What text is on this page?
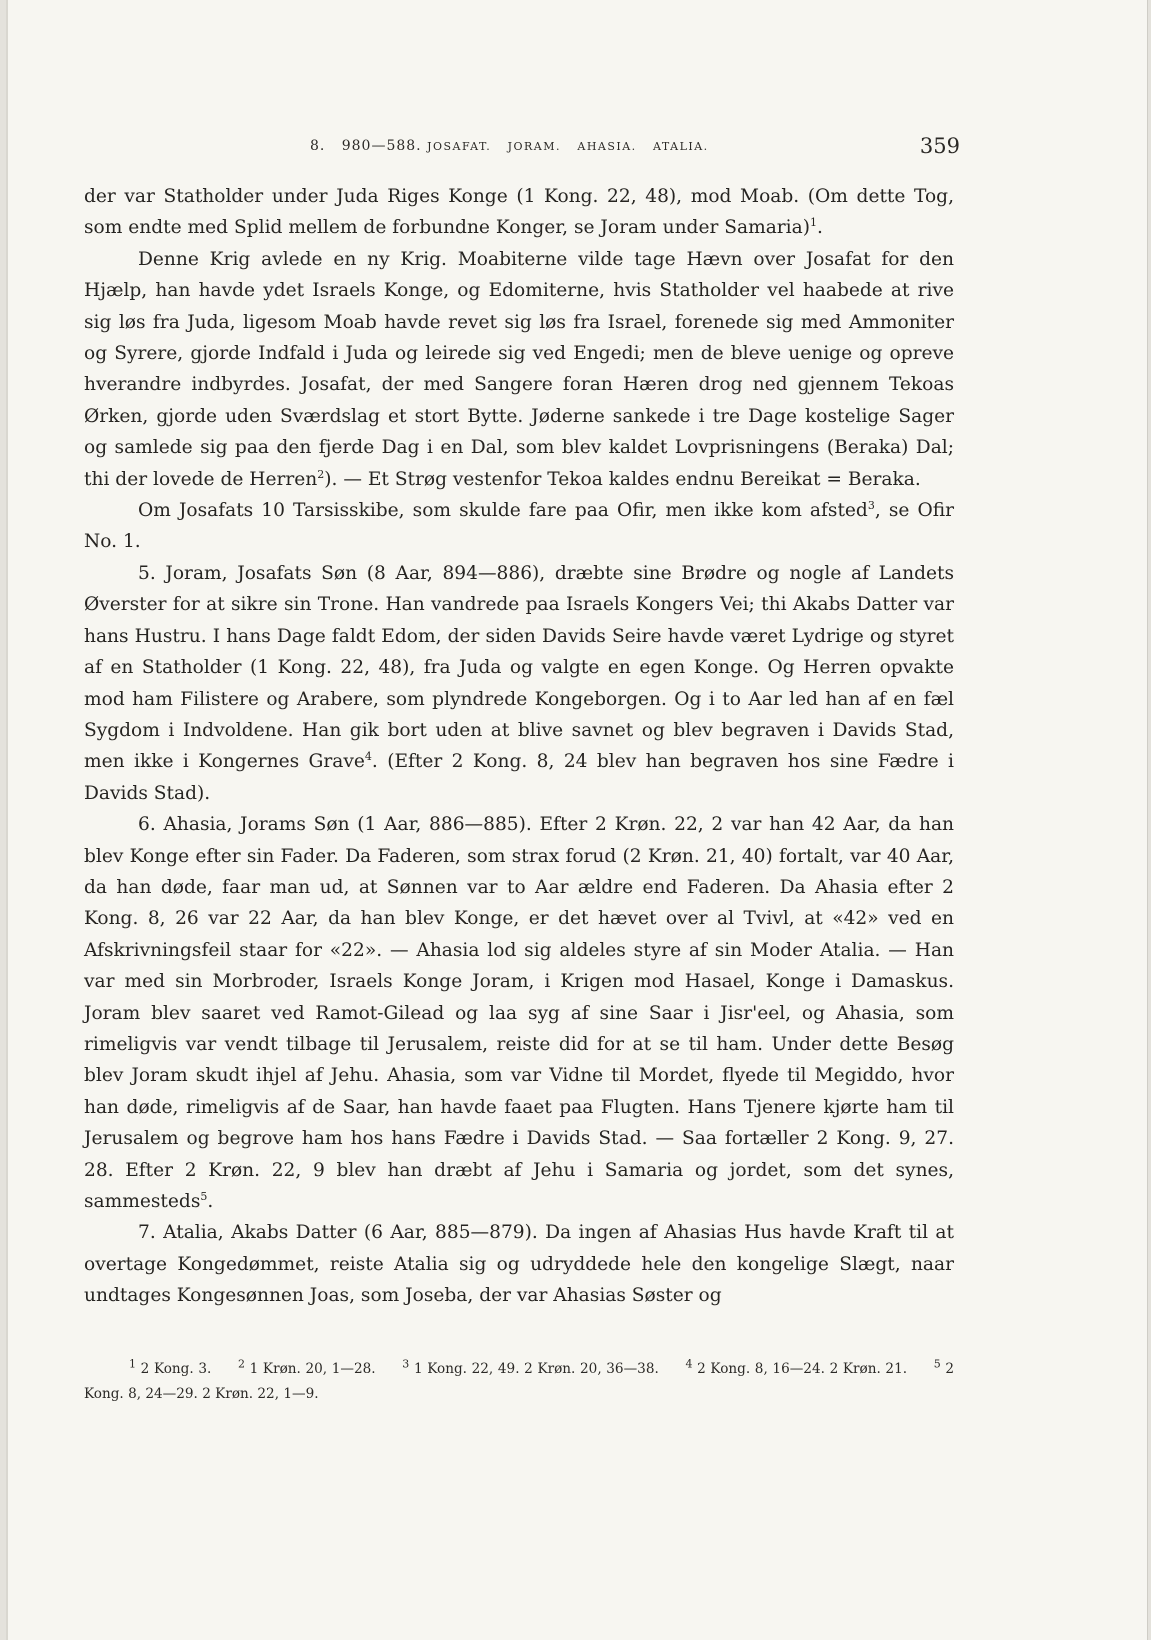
8. 980—588. JOSAFAT. JORAM. AHASIA. ATALIA.	359

der var Statholder under Juda Riges Konge (1 Kong. 22, 48), mod Moab. (Om dette Tog, som endte med Splid mellem de forbundne Konger, se Joram under Samaria)$^1$.

Denne Krig avlede en ny Krig. Moabiterne vilde tage Hævn over Josafat for den Hjælp, han havde ydet Israels Konge, og Edomiterne, hvis Statholder vel haabede at rive sig løs fra Juda, ligesom Moab havde revet sig løs fra Israel, forenede sig med Ammoniter og Syrere, gjorde Indfald i Juda og leirede sig ved Engedi; men de bleve uenige og opreve hverandre indbyrdes. Josafat, der med Sangere foran Hæren drog ned gjennem Tekoas Ørken, gjorde uden Sværdslag et stort Bytte. Jøderne sankede i tre Dage kostelige Sager og samlede sig paa den fjerde Dag i en Dal, som blev kaldet Lovprisningens (Beraka) Dal; thi der lovede de Herren$^2$). — Et Strøg vestenfor Tekoa kaldes endnu Bereikat = Beraka.

Om Josafats 10 Tarsisskibe, som skulde fare paa Ofir, men ikke kom afsted$^3$, se Ofir No. 1.

5. Joram, Josafats Søn (8 Aar, 894—886), dræbte sine Brødre og nogle af Landets Øverster for at sikre sin Trone. Han vandrede paa Israels Kongers Vei; thi Akabs Datter var hans Hustru. I hans Dage faldt Edom, der siden Davids Seire havde været Lydrige og styret af en Statholder (1 Kong. 22, 48), fra Juda og valgte en egen Konge. Og Herren opvakte mod ham Filistere og Arabere, som plyndrede Kongeborgen. Og i to Aar led han af en fæl Sygdom i Indvoldene. Han gik bort uden at blive savnet og blev begraven i Davids Stad, men ikke i Kongernes Grave$^4$. (Efter 2 Kong. 8, 24 blev han begraven hos sine Fædre i Davids Stad).

6. Ahasia, Jorams Søn (1 Aar, 886—885). Efter 2 Krøn. 22, 2 var han 42 Aar, da han blev Konge efter sin Fader. Da Faderen, som strax forud (2 Krøn. 21, 40) fortalt, var 40 Aar, da han døde, faar man ud, at Sønnen var to Aar ældre end Faderen. Da Ahasia efter 2 Kong. 8, 26 var 22 Aar, da han blev Konge, er det hævet over al Tvivl, at «42» ved en Afskrivningsfeil staar for «22». — Ahasia lod sig aldeles styre af sin Moder Atalia. — Han var med sin Morbroder, Israels Konge Joram, i Krigen mod Hasael, Konge i Damaskus. Joram blev saaret ved Ramot-Gilead og laa syg af sine Saar i Jisr'eel, og Ahasia, som rimeligvis var vendt tilbage til Jerusalem, reiste did for at se til ham. Under dette Besøg blev Joram skudt ihjel af Jehu. Ahasia, som var Vidne til Mordet, flyede til Megiddo, hvor han døde, rimeligvis af de Saar, han havde faaet paa Flugten. Hans Tjenere kjørte ham til Jerusalem og begrove ham hos hans Fædre i Davids Stad. — Saa fortæller 2 Kong. 9, 27. 28. Efter 2 Krøn. 22, 9 blev han dræbt af Jehu i Samaria og jordet, som det synes, sammesteds$^5$.

7. Atalia, Akabs Datter (6 Aar, 885—879). Da ingen af Ahasias Hus havde Kraft til at overtage Kongedømmet, reiste Atalia sig og udryddede hele den kongelige Slægt, naar undtages Kongesønnen Joas, som Joseba, der var Ahasias Søster og

$^1$ 2 Kong. 3. $^2$ 1 Krøn. 20, 1—28. $^3$ 1 Kong. 22, 49. 2 Krøn. 20, 36—38. $^4$ 2 Kong. 8, 16—24. 2 Krøn. 21. $^5$ 2 Kong. 8, 24—29. 2 Krøn. 22, 1—9.
